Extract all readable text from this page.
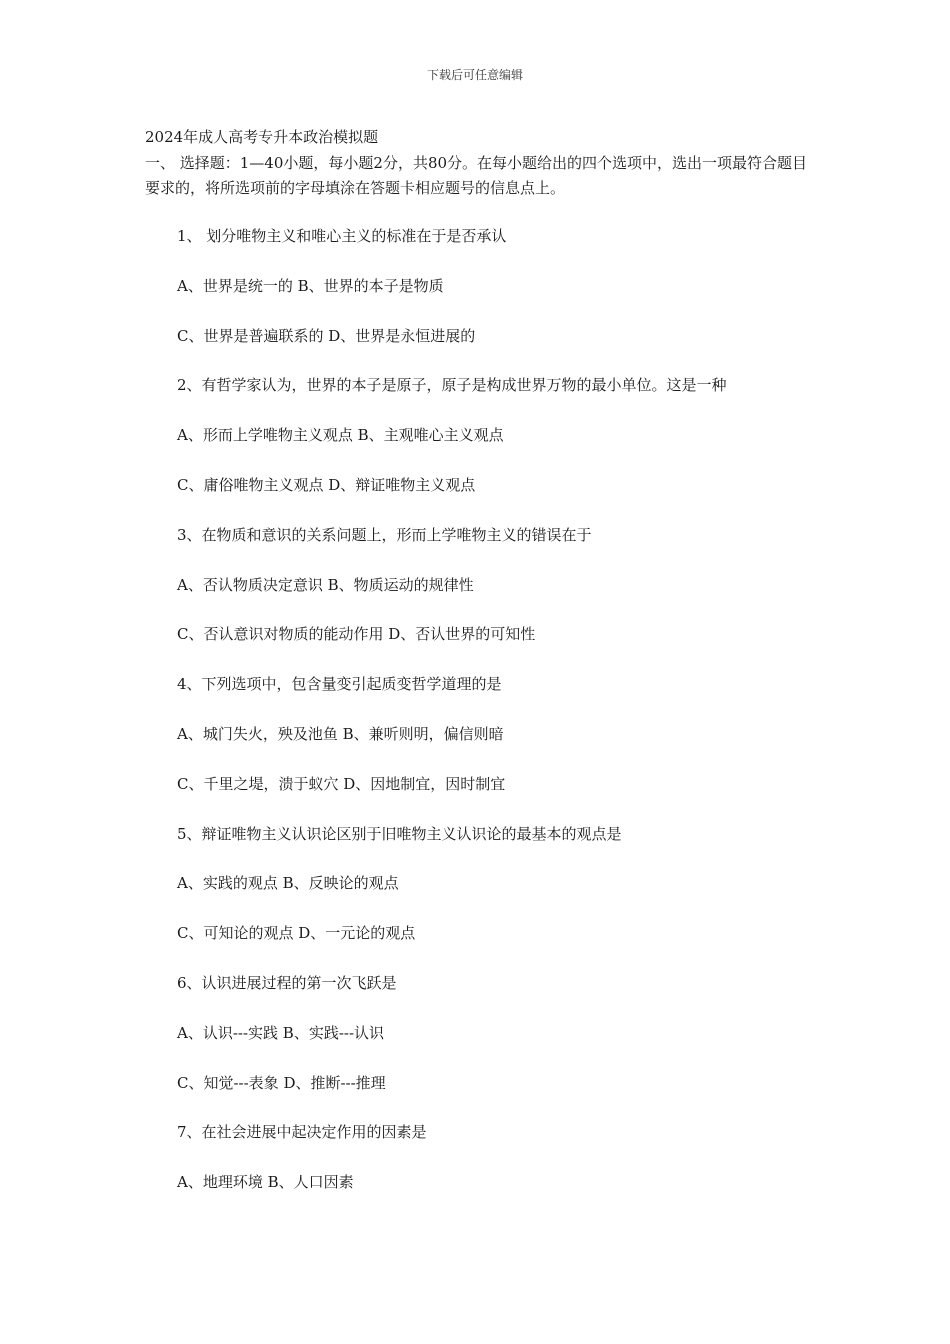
下载后可任意编辑
2024年成人高考专升本政治模拟题
一、 选择题：1—40小题，每小题2分，共80分。在每小题给出的四个选项中，选出一项最符合题目要求的，将所选项前的字母填涂在答题卡相应题号的信息点上。
1、 划分唯物主义和唯心主义的标准在于是否承认
A、世界是统一的 B、世界的本子是物质
C、世界是普遍联系的 D、世界是永恒进展的
2、有哲学家认为，世界的本子是原子，原子是构成世界万物的最小单位。这是一种
A、形而上学唯物主义观点 B、主观唯心主义观点
C、庸俗唯物主义观点 D、辩证唯物主义观点
3、在物质和意识的关系问题上，形而上学唯物主义的错误在于
A、否认物质决定意识 B、物质运动的规律性
C、否认意识对物质的能动作用 D、否认世界的可知性
4、下列选项中，包含量变引起质变哲学道理的是
A、城门失火，殃及池鱼 B、兼听则明，偏信则暗
C、千里之堤，溃于蚁穴 D、因地制宜，因时制宜
5、辩证唯物主义认识论区别于旧唯物主义认识论的最基本的观点是
A、实践的观点 B、反映论的观点
C、可知论的观点 D、一元论的观点
6、认识进展过程的第一次飞跃是
A、认识---实践 B、实践---认识
C、知觉---表象 D、推断---推理
7、在社会进展中起决定作用的因素是
A、地理环境 B、人口因素
